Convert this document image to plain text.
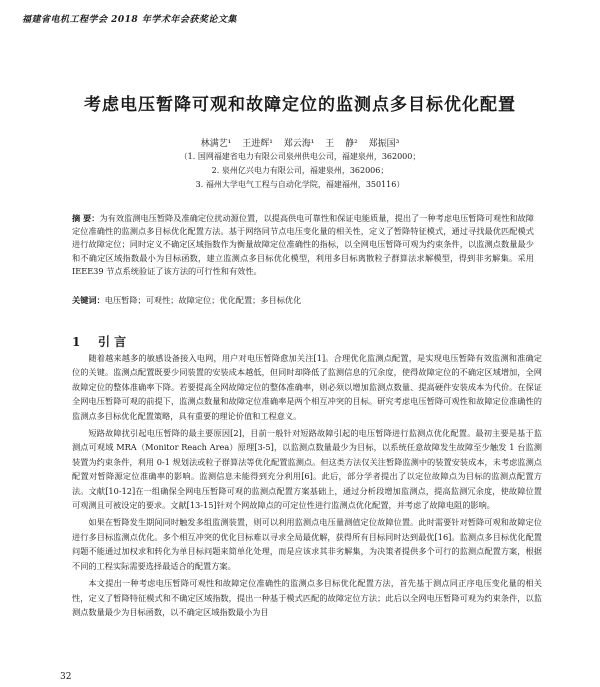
福建省电机工程学会 2018 年学术年会获奖论文集
考虑电压暂降可观和故障定位的监测点多目标优化配置
林满艺¹ 王进辉¹ 郑云海¹ 王 静² 郑振国³
（1. 国网福建省电力有限公司泉州供电公司，福建泉州，362000；
2. 泉州亿兴电力有限公司，福建泉州，362006；
3. 福州大学电气工程与自动化学院，福建福州，350116）
摘 要：为有效监测电压暂降及准确定位扰动源位置，以提高供电可靠性和保证电能质量，提出了一种考虑电压暂降可观性和故障定位准确性的监测点多目标优化配置方法。基于网络同节点电压变化量的相关性，定义了暂降特征模式，通过寻找最优匹配模式进行故障定位；同时定义不确定区域指数作为衡量故障定位准确性的指标，以全网电压暂降可观为约束条件，以监测点数量最少和不确定区域指数最小为目标函数，建立监测点多目标优化模型，利用多目标离散粒子群算法求解模型，得到非劣解集。采用 IEEE39 节点系统验证了该方法的可行性和有效性。
关键词：电压暂降；可观性；故障定位；优化配置；多目标优化
1 引 言

随着越来越多的敏感设备接入电网，用户对电压暂降愈加关注[1]。合理优化监测点配置，是实现电压暂降有效监测和准确定位的关键。监测点配置既要少同装置的安装成本越低，但同时却降低了监测信息的冗余度，使得故障定位的不确定区域增加，全网故障定位的整体准确率下降。若要提高全网故障定位的整体准确率，则必须以增加监测点数量、提高硬件安装成本为代价。在保证全网电压暂降可观的前提下，监测点数量和故障定位准确率是两个相互冲突的目标。研究考虑电压暂降可观性和故障定位准确性的监测点多目标优化配置策略，具有重要的理论价值和工程意义。

短路故障扰引起电压暂降的最主要原因[2]，目前一般针对短路故障引起的电压暂降进行监测点优化配置。最初主要是基于监测点可观域 MRA（Monitor Reach Area）原理[3-5]，以监测点数量最少为目标，以系统任意故障发生故障至少触发 1 台监测装置为约束条件，利用 0-1 规划法或粒子群算法等优化配置监测点。但这类方法仅关注暂降监测中的装置安装成本，未考虑监测点配置对暂降源定位准确率的影响。监测信息未能得到充分利用[6]。此后，部分学者提出了以定位故障点为目标的监测点配置方法。文献[10-12]在一组确保全网电压暂降可观的监测点配置方案基础上，通过分析段增加监测点，提高监测冗余度，使故障位置可观测且可被设定的要求。文献[13-15]针对个网故障点的可定位性进行监测点优化配置，并考虑了故障电阻的影响。

如果在暂降发生期间同时触发多组监测装置，则可以利用监测点电压量测值定位故障位置。此时需要针对暂降可观和故障定位进行多目标监测点优化。多个相互冲突的优化目标难以寻求全局最优解，获得所有目标同时达到最优[16]。监测点多目标优化配置问题不能通过加权求和转化为单目标问题来简单化处理，而是应该求其非劣解集，为决策者提供多个可行的监测点配置方案，根据不同的工程实际需要选择最适合的配置方案。

本文提出一种考虑电压暂降可观性和故障定位准确性的监测点多目标优化配置方法，首先基于测点同正序电压变化量的相关性，定义了暂降特征模式和不确定区域指数，提出一种基于模式匹配的故障定位方法；此后以全网电压暂降可观为约束条件，以监测点数量最少为目标函数，以不确定区域指数最小为目

32
